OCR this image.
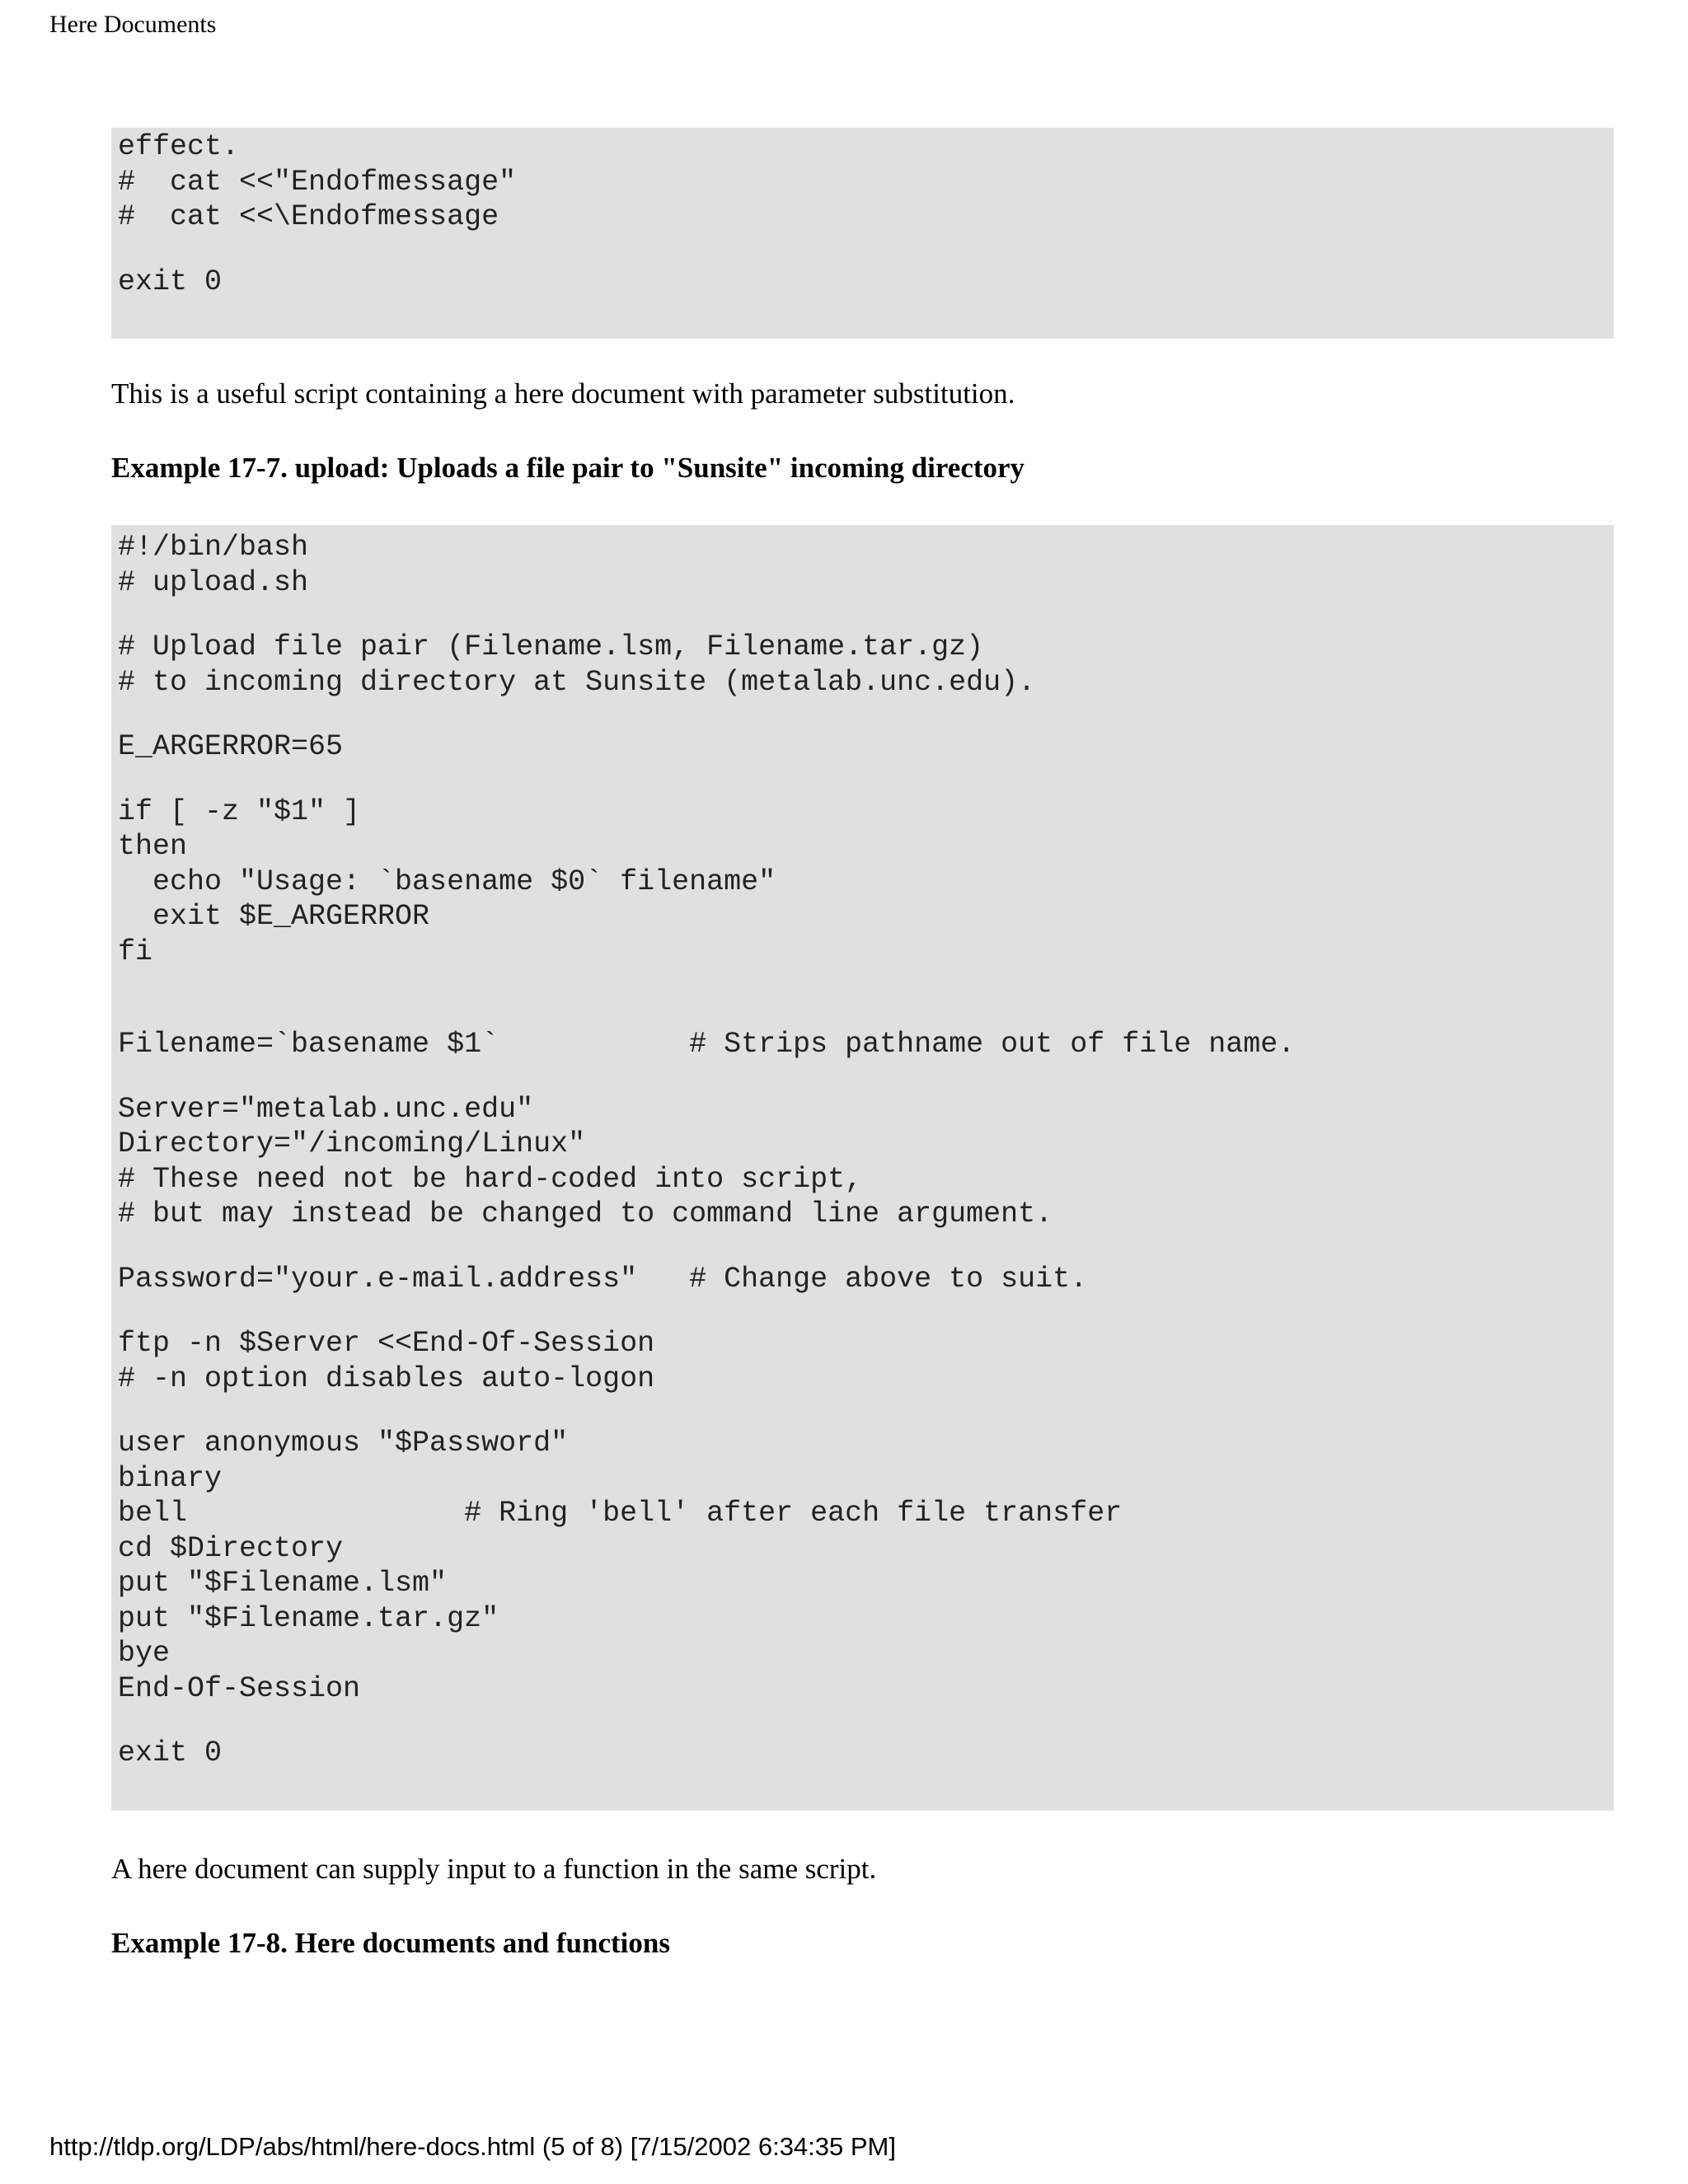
Here Documents
effect.
#  cat <<"Endofmessage"
#  cat <<\Endofmessage
exit 0

This is a useful script containing a here document with parameter substitution.

Example 17-7. upload: Uploads a file pair to "Sunsite" incoming directory

#!/bin/bash
# upload.sh
# Upload file pair (Filename.lsm, Filename.tar.gz)
# to incoming directory at Sunsite (metalab.unc.edu).
E_ARGERROR=65
if [ -z "$1" ]
then
echo "Usage: `basename $0` filename"
exit $E_ARGERROR
fi
Filename=`basename $1`           # Strips pathname out of file name.
Server="metalab.unc.edu"
Directory="/incoming/Linux"
# These need not be hard-coded into script,
# but may instead be changed to command line argument.
Password="your.e-mail.address"   # Change above to suit.
ftp -n $Server <<End-Of-Session
# -n option disables auto-logon
user anonymous "$Password"
binary
bell                # Ring 'bell' after each file transfer
cd $Directory
put "$Filename.lsm"
put "$Filename.tar.gz"
bye
End-Of-Session
exit 0

A here document can supply input to a function in the same script.

Example 17-8. Here documents and functions

http://tldp.org/LDP/abs/html/here-docs.html (5 of 8) [7/15/2002 6:34:35 PM]
